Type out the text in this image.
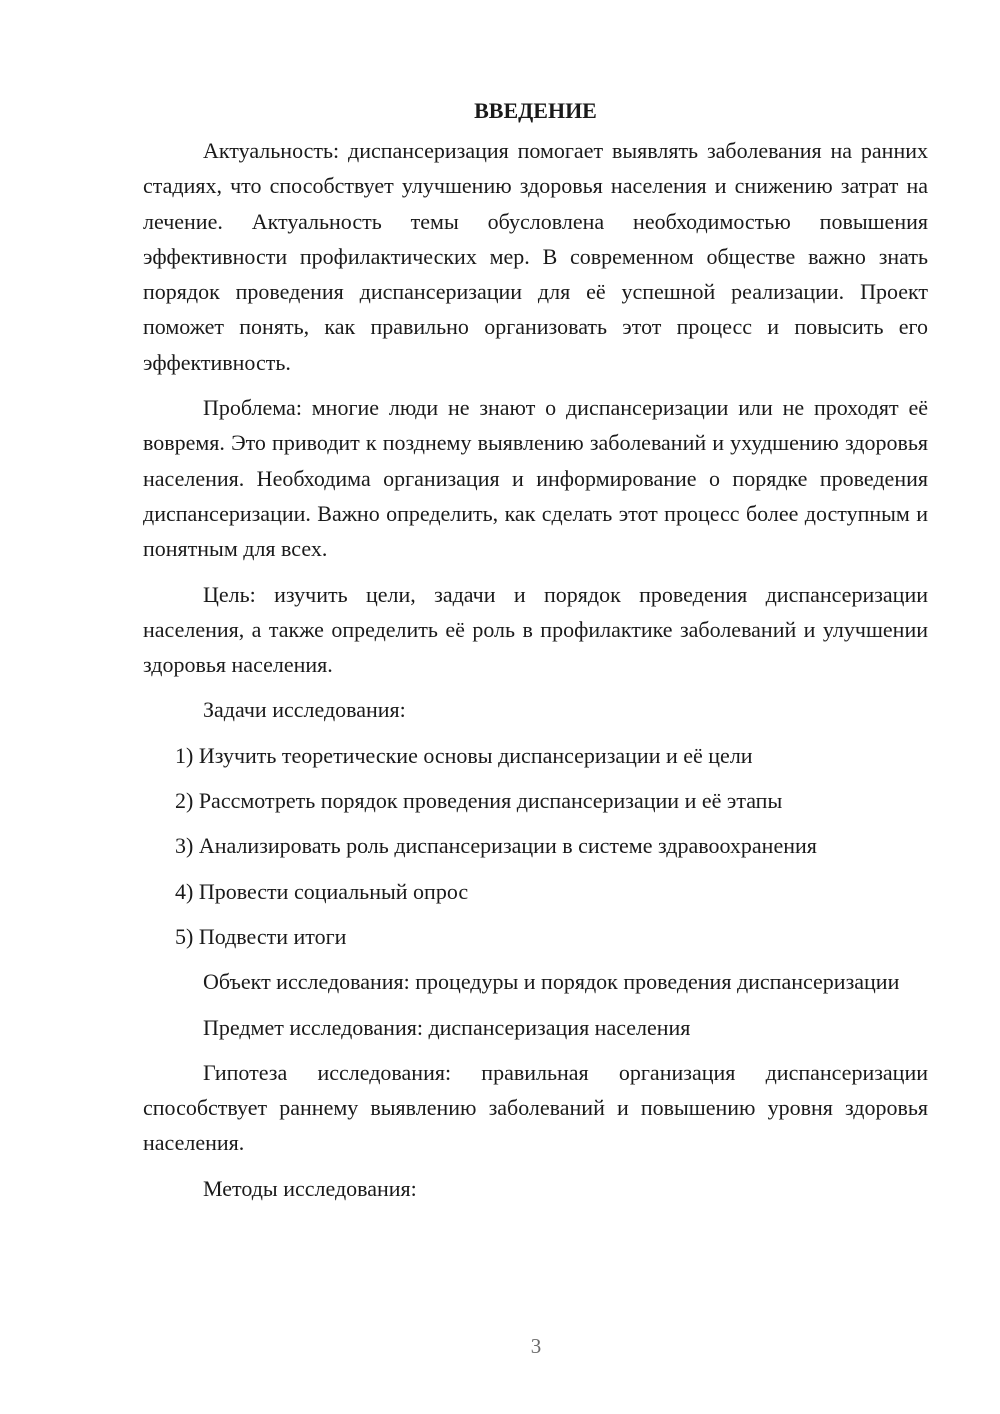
ВВЕДЕНИЕ

Актуальность: диспансеризация помогает выявлять заболевания на ранних стадиях, что способствует улучшению здоровья населения и снижению затрат на лечение. Актуальность темы обусловлена необходимостью повышения эффективности профилактических мер. В современном обществе важно знать порядок проведения диспансеризации для её успешной реализации. Проект поможет понять, как правильно организовать этот процесс и повысить его эффективность.

Проблема: многие люди не знают о диспансеризации или не проходят её вовремя. Это приводит к позднему выявлению заболеваний и ухудшению здоровья населения. Необходима организация и информирование о порядке проведения диспансеризации. Важно определить, как сделать этот процесс более доступным и понятным для всех.

Цель: изучить цели, задачи и порядок проведения диспансеризации населения, а также определить её роль в профилактике заболеваний и улучшении здоровья населения.

Задачи исследования:

1) Изучить теоретические основы диспансеризации и её цели
2) Рассмотреть порядок проведения диспансеризации и её этапы
3) Анализировать роль диспансеризации в системе здравоохранения
4) Провести социальный опрос
5) Подвести итоги

Объект исследования: процедуры и порядок проведения диспансеризации

Предмет исследования: диспансеризация населения

Гипотеза исследования: правильная организация диспансеризации способствует раннему выявлению заболеваний и повышению уровня здоровья населения.

Методы исследования:

3
